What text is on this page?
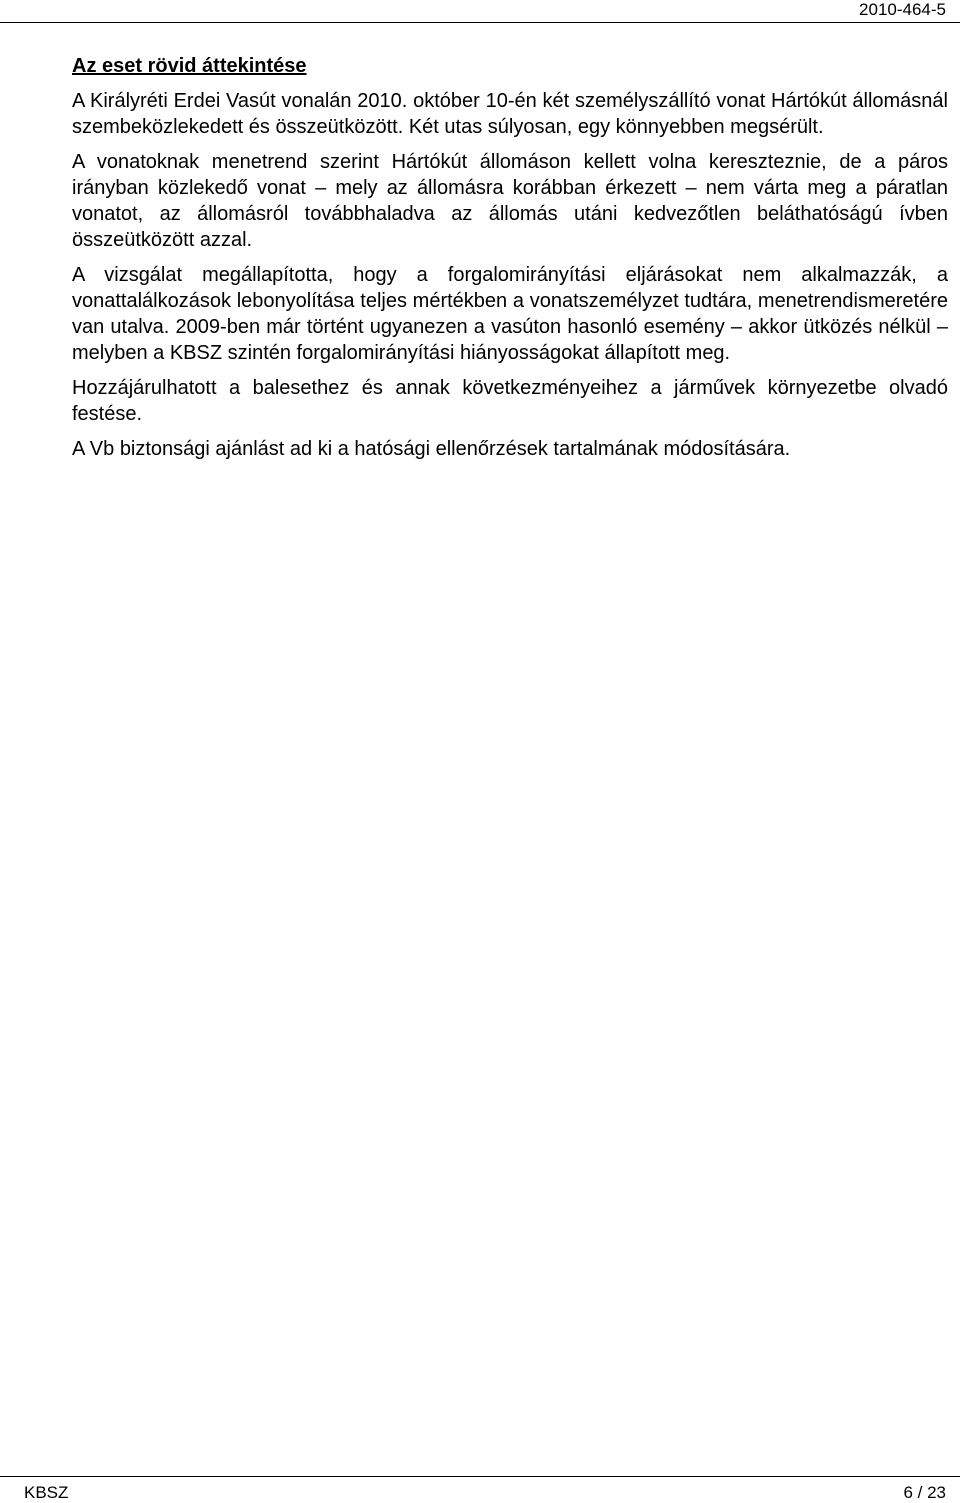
2010-464-5
Az eset rövid áttekintése

A Királyréti Erdei Vasút vonalán 2010. október 10-én két személyszállító vonat Hártókút állomásnál szembeközlekedett és összeütközött. Két utas súlyosan, egy könnyebben megsérült.

A vonatoknak menetrend szerint Hártókút állomáson kellett volna kereszteznie, de a páros irányban közlekedő vonat – mely az állomásra korábban érkezett – nem várta meg a páratlan vonatot, az állomásról továbbhaladva az állomás utáni kedvezőtlen beláthatóságú ívben összeütközött azzal.

A vizsgálat megállapította, hogy a forgalomirányítási eljárásokat nem alkalmazzák, a vonattalálkozások lebonyolítása teljes mértékben a vonatszemélyzet tudtára, menetrendismeretére van utalva. 2009-ben már történt ugyanezen a vasúton hasonló esemény – akkor ütközés nélkül – melyben a KBSZ szintén forgalomirányítási hiányosságokat állapított meg.

Hozzájárulhatott a balesethez és annak következményeihez a járművek környezetbe olvadó festése.

A Vb biztonsági ajánlást ad ki a hatósági ellenőrzések tartalmának módosítására.

KBSZ	6 / 23
